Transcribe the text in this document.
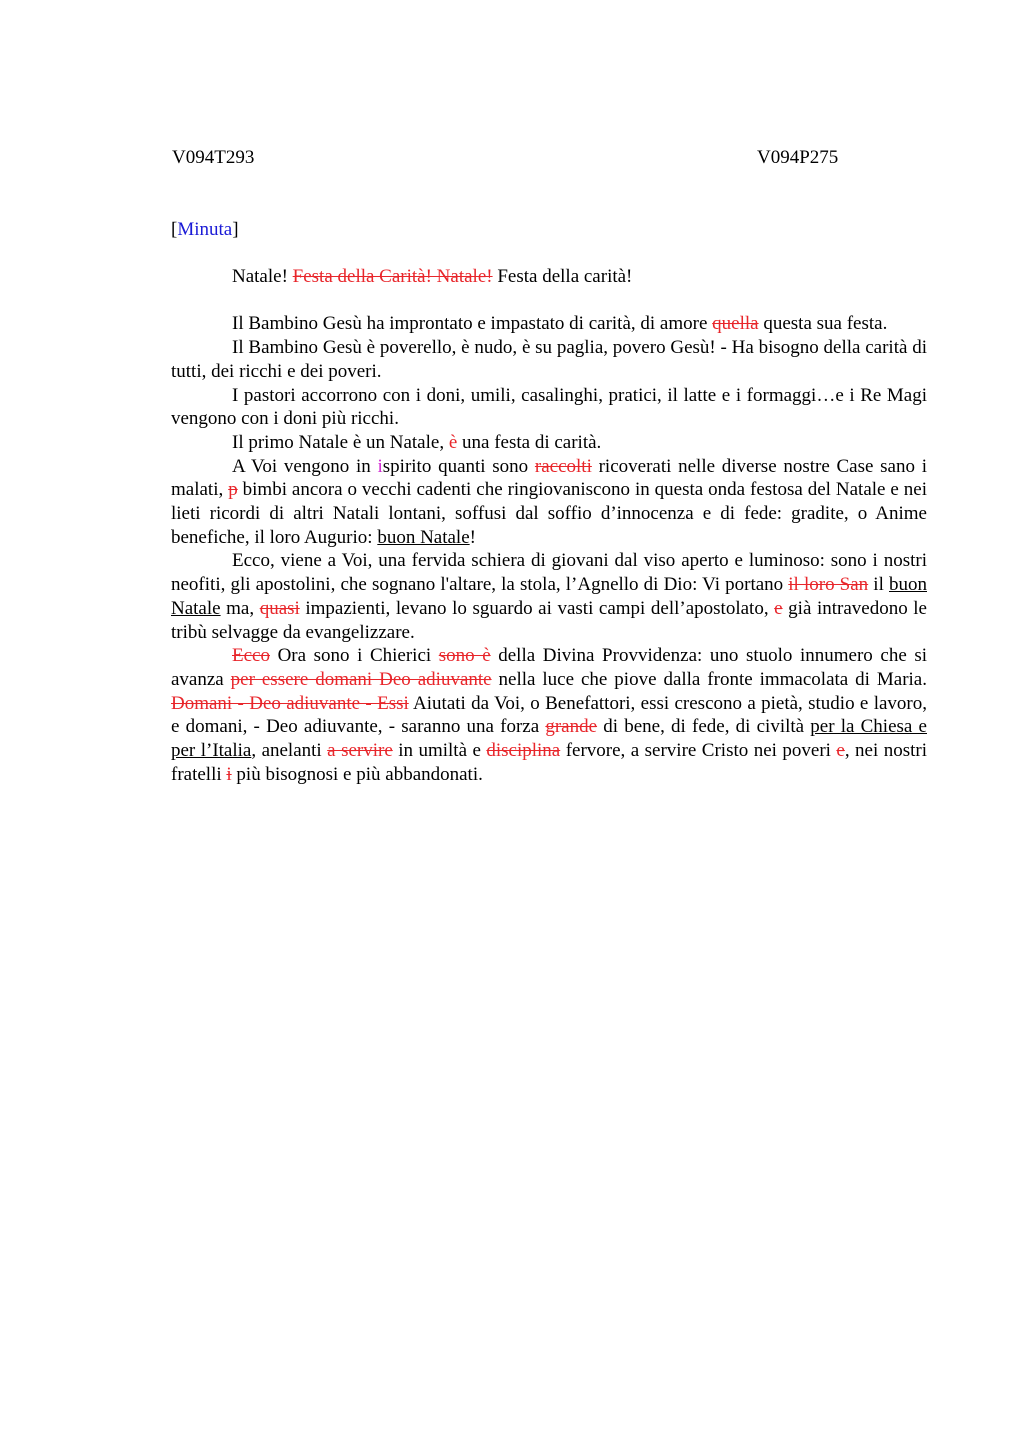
V094T293	V094P275
[Minuta]

Natale! Festa della Carità! Natale! Festa della carità!

Il Bambino Gesù ha improntato e impastato di carità, di amore quella questa sua festa.

Il Bambino Gesù è poverello, è nudo, è su paglia, povero Gesù! - Ha bisogno della carità di tutti, dei ricchi e dei poveri.

I pastori accorrono con i doni, umili, casalinghi, pratici, il latte e i formaggi…e i Re Magi vengono con i doni più ricchi.

Il primo Natale è un Natale, è una festa di carità.

A Voi vengono in ispirito quanti sono raccolti ricoverati nelle diverse nostre Case sano i malati, p bimbi ancora o vecchi cadenti che ringiovaniscono in questa onda festosa del Natale e nei lieti ricordi di altri Natali lontani, soffusi dal soffio d’innocenza e di fede: gradite, o Anime benefiche, il loro Augurio: buon Natale!

Ecco, viene a Voi, una fervida schiera di giovani dal viso aperto e luminoso: sono i nostri neofiti, gli apostolini, che sognano l'altare, la stola, l’Agnello di Dio: Vi portano il loro San il buon Natale ma, quasi impazienti, levano lo sguardo ai vasti campi dell’apostolato, e già intravedono le tribù selvagge da evangelizzare.

Ecco Ora sono i Chierici sono è della Divina Provvidenza: uno stuolo innumero che si avanza per essere domani Deo adiuvante nella luce che piove dalla fronte immacolata di Maria. Domani - Deo adiuvante - Essi Aiutati da Voi, o Benefattori, essi crescono a pietà, studio e lavoro, e domani, - Deo adiuvante, - saranno una forza grande di bene, di fede, di civiltà per la Chiesa e per l’Italia, anelanti a servire in umiltà e disciplina fervore, a servire Cristo nei poveri e, nei nostri fratelli i più bisognosi e più abbandonati.
